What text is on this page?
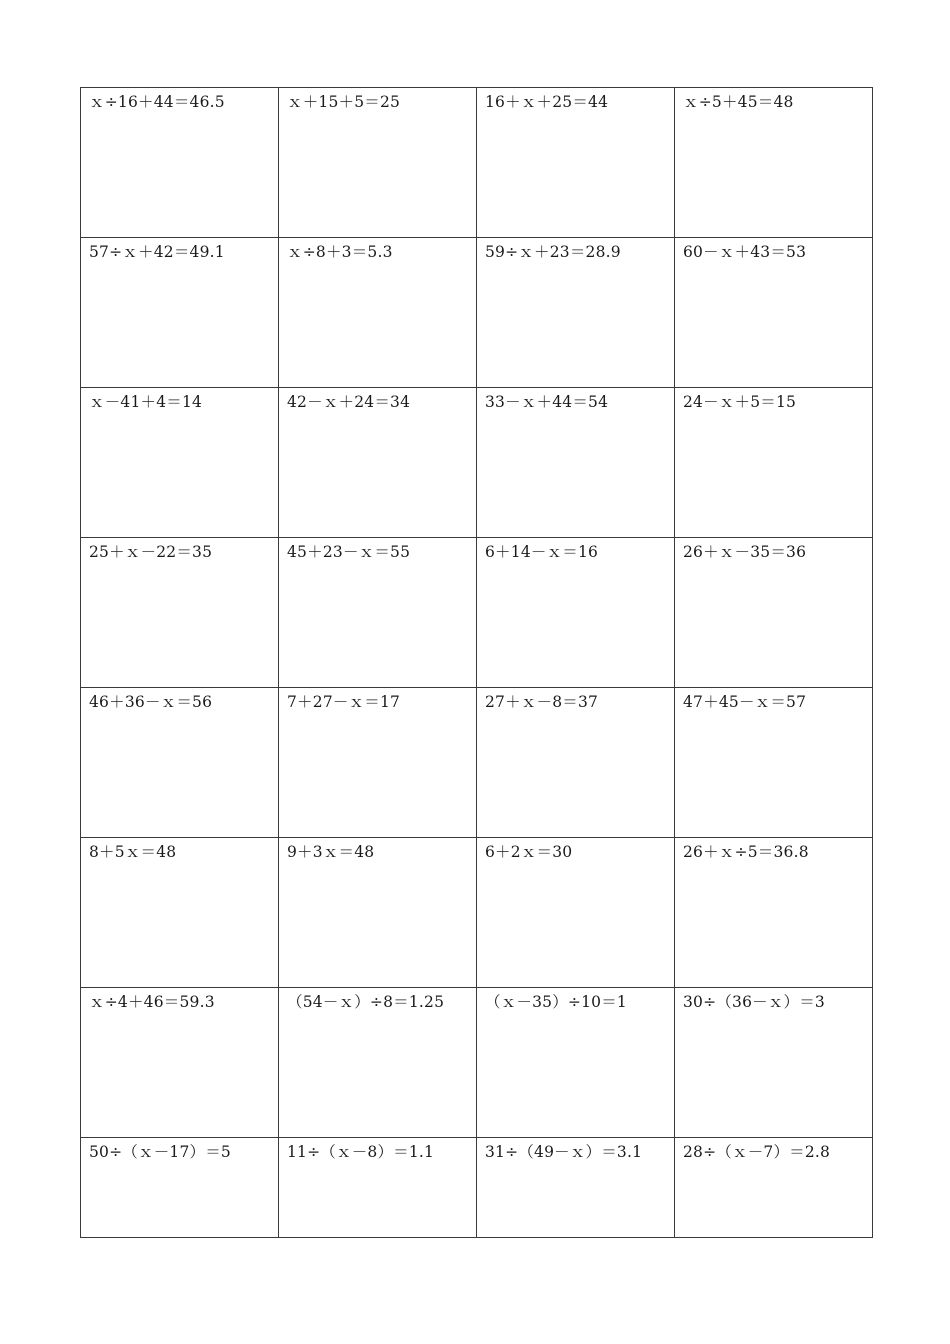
ｘ÷16＋44＝46.5	ｘ＋15＋5＝25	16＋ｘ＋25＝44	ｘ÷5＋45＝48

57÷ｘ＋42＝49.1	ｘ÷8＋3＝5.3	59÷ｘ＋23＝28.9	60－ｘ＋43＝53

ｘ－41＋4＝14	42－ｘ＋24＝34	33－ｘ＋44＝54	24－ｘ＋5＝15

25＋ｘ－22＝35	45＋23－ｘ＝55	6＋14－ｘ＝16	26＋ｘ－35＝36

46＋36－ｘ＝56	7＋27－ｘ＝17	27＋ｘ－8＝37	47＋45－ｘ＝57

8＋5ｘ＝48	9＋3ｘ＝48	6＋2ｘ＝30	26＋ｘ÷5＝36.8

ｘ÷4＋46＝59.3	（54－ｘ）÷8＝1.25	（ｘ－35）÷10＝1	30÷（36－ｘ）＝3

50÷（ｘ－17）＝5	11÷（ｘ－8）＝1.1	31÷（49－ｘ）＝3.1	28÷（ｘ－7）＝2.8
